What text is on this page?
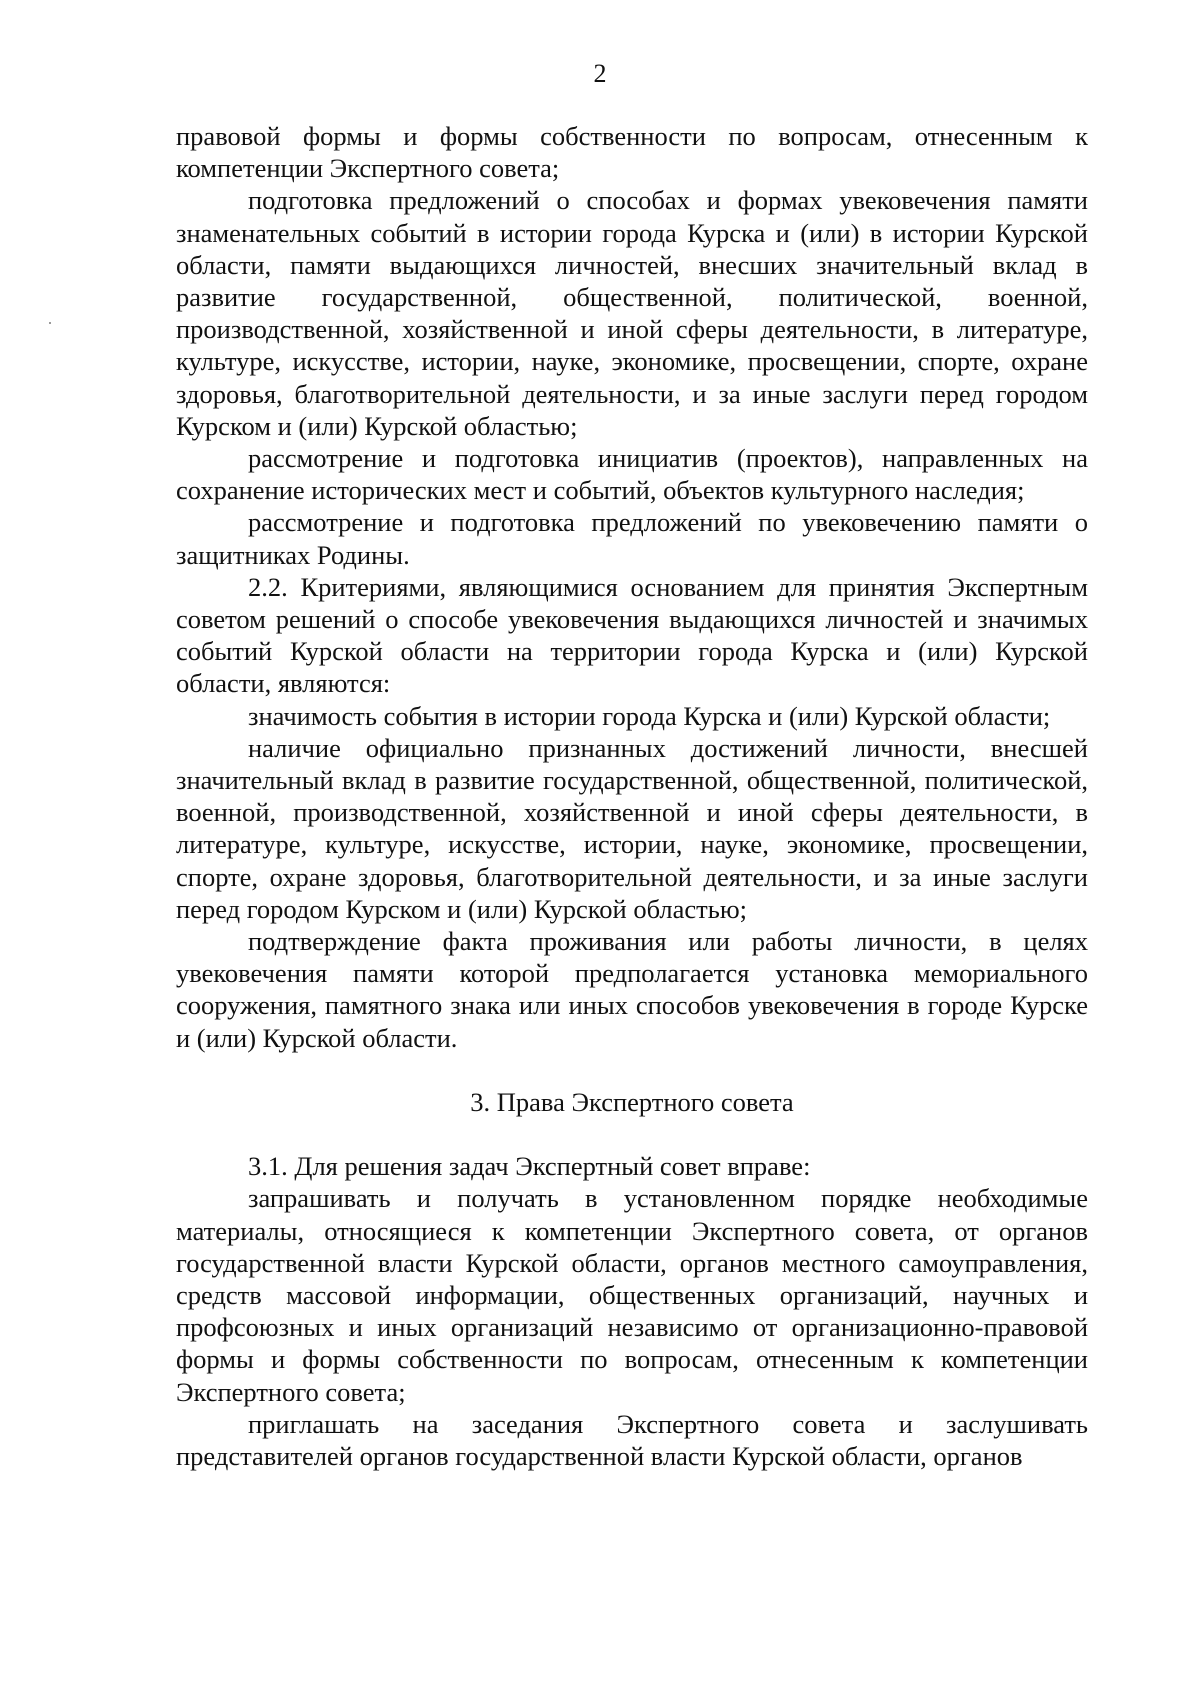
2

правовой формы и формы собственности по вопросам, отнесенным к компетенции Экспертного совета;

подготовка предложений о способах и формах увековечения памяти знаменательных событий в истории города Курска и (или) в истории Курской области, памяти выдающихся личностей, внесших значительный вклад в развитие государственной, общественной, политической, военной, производственной, хозяйственной и иной сферы деятельности, в литературе, культуре, искусстве, истории, науке, экономике, просвещении, спорте, охране здоровья, благотворительной деятельности, и за иные заслуги перед городом Курском и (или) Курской областью;

рассмотрение и подготовка инициатив (проектов), направленных на сохранение исторических мест и событий, объектов культурного наследия;

рассмотрение и подготовка предложений по увековечению памяти о защитниках Родины.

2.2. Критериями, являющимися основанием для принятия Экспертным советом решений о способе увековечения выдающихся личностей и значимых событий Курской области на территории города Курска и (или) Курской области, являются:

значимость события в истории города Курска и (или) Курской области;

наличие официально признанных достижений личности, внесшей значительный вклад в развитие государственной, общественной, политической, военной, производственной, хозяйственной и иной сферы деятельности, в литературе, культуре, искусстве, истории, науке, экономике, просвещении, спорте, охране здоровья, благотворительной деятельности, и за иные заслуги перед городом Курском и (или) Курской областью;

подтверждение факта проживания или работы личности, в целях увековечения памяти которой предполагается установка мемориального сооружения, памятного знака или иных способов увековечения в городе Курске и (или) Курской области.

3. Права Экспертного совета

3.1. Для решения задач Экспертный совет вправе:

запрашивать и получать в установленном порядке необходимые материалы, относящиеся к компетенции Экспертного совета, от органов государственной власти Курской области, органов местного самоуправления, средств массовой информации, общественных организаций, научных и профсоюзных и иных организаций независимо от организационно-правовой формы и формы собственности по вопросам, отнесенным к компетенции Экспертного совета;

приглашать на заседания Экспертного совета и заслушивать представителей органов государственной власти Курской области, органов
